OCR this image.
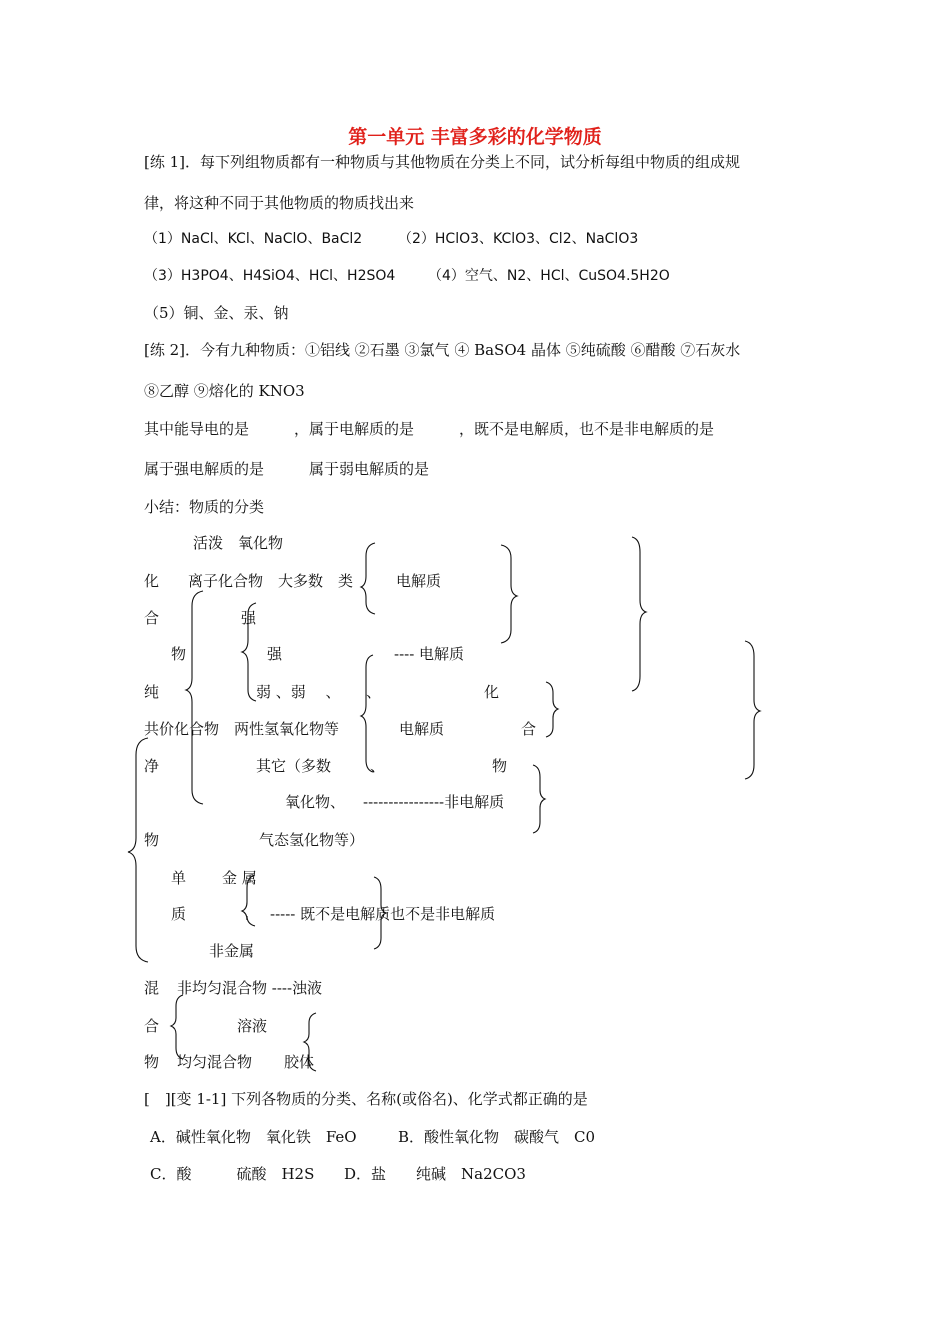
第一单元 丰富多彩的化学物质
[练 1]．每下列组物质都有一种物质与其他物质在分类上不同，试分析每组中物质的组成规
律，将这种不同于其他物质的物质找出来
（1）NaCl、KCl、NaClO、BaCl2	（2）HClO3、KClO3、Cl2、NaClO3
（3）H3PO4、H4SiO4、HCl、H2SO4 （4）空气、N2、HCl、CuSO4.5H2O
（5）铜、金、汞、钠
[练 2]．今有九种物质：①铝线 ②石墨 ③氯气 ④ BaSO4 晶体 ⑤纯硫酸 ⑥醋酸 ⑦石灰水
⑧乙醇 ⑨熔化的 KNO3
其中能导电的是　　　，属于电解质的是　　　，既不是电解质，也不是非电解质的是
属于强电解质的是　　　属于弱电解质的是
小结：物质的分类
活泼　氧化物
化 离子化合物　大多数　类	电解质
合	强
物	强	---- 电解质
纯	弱 、弱 　、 、	化
共价化合物　两性氢氧化物等	电解质	合
净	其它（多数	、	物
氧化物、 ----------------非电解质
物	气态氢化物等）
单 金 属
质	----- 既不是电解质也不是非电解质
非金属
混 非均匀混合物 ----浊液
合	溶液
物 均匀混合物 胶体
[　][变 1-1] 下列各物质的分类、名称(或俗名)、化学式都正确的是
A．碱性氧化物　氧化铁　FeO	B．酸性氧化物　碳酸气　C0
C．酸　　　硫酸　H2S D．盐　　纯碱　Na2CO3
